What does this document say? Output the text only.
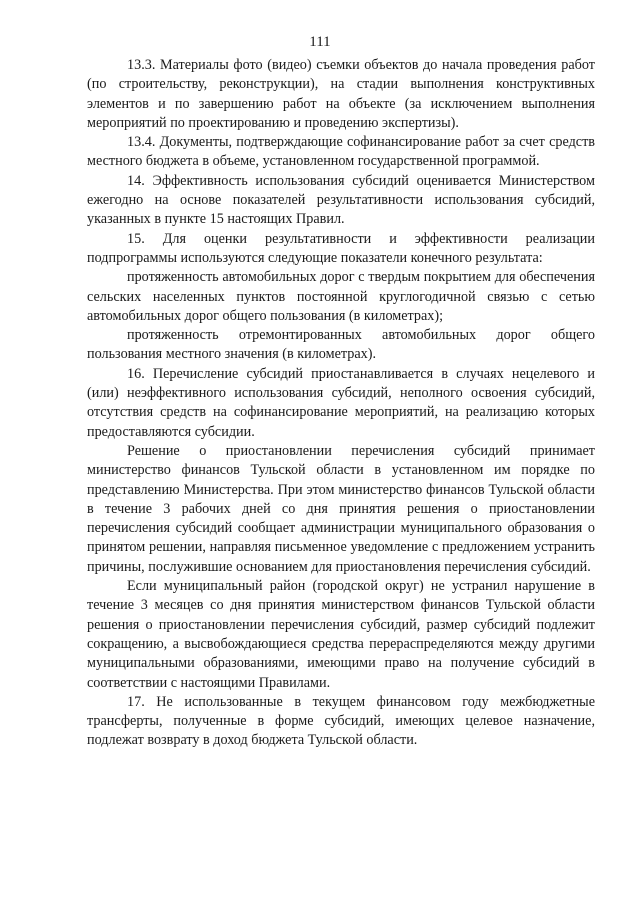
111

13.3. Материалы фото (видео) съемки объектов до начала проведения работ (по строительству, реконструкции), на стадии выполнения конструктивных элементов и по завершению работ на объекте (за исключением выполнения мероприятий по проектированию и проведению экспертизы).

13.4. Документы, подтверждающие софинансирование работ за счет средств местного бюджета в объеме, установленном государственной программой.

14. Эффективность использования субсидий оценивается Министерством ежегодно на основе показателей результативности использования субсидий, указанных в пункте 15 настоящих Правил.

15. Для оценки результативности и эффективности реализации подпрограммы используются следующие показатели конечного результата:

протяженность автомобильных дорог с твердым покрытием для обеспечения сельских населенных пунктов постоянной круглогодичной связью с сетью автомобильных дорог общего пользования (в километрах);

протяженность отремонтированных автомобильных дорог общего пользования местного значения (в километрах).

16. Перечисление субсидий приостанавливается в случаях нецелевого и (или) неэффективного использования субсидий, неполного освоения субсидий, отсутствия средств на софинансирование мероприятий, на реализацию которых предоставляются субсидии.

Решение о приостановлении перечисления субсидий принимает министерство финансов Тульской области в установленном им порядке по представлению Министерства. При этом министерство финансов Тульской области в течение 3 рабочих дней со дня принятия решения о приостановлении перечисления субсидий сообщает администрации муниципального образования о принятом решении, направляя письменное уведомление с предложением устранить причины, послужившие основанием для приостановления перечисления субсидий.

Если муниципальный район (городской округ) не устранил нарушение в течение 3 месяцев со дня принятия министерством финансов Тульской области решения о приостановлении перечисления субсидий, размер субсидий подлежит сокращению, а высвобождающиеся средства перераспределяются между другими муниципальными образованиями, имеющими право на получение субсидий в соответствии с настоящими Правилами.

17. Не использованные в текущем финансовом году межбюджетные трансферты, полученные в форме субсидий, имеющих целевое назначение, подлежат возврату в доход бюджета Тульской области.
